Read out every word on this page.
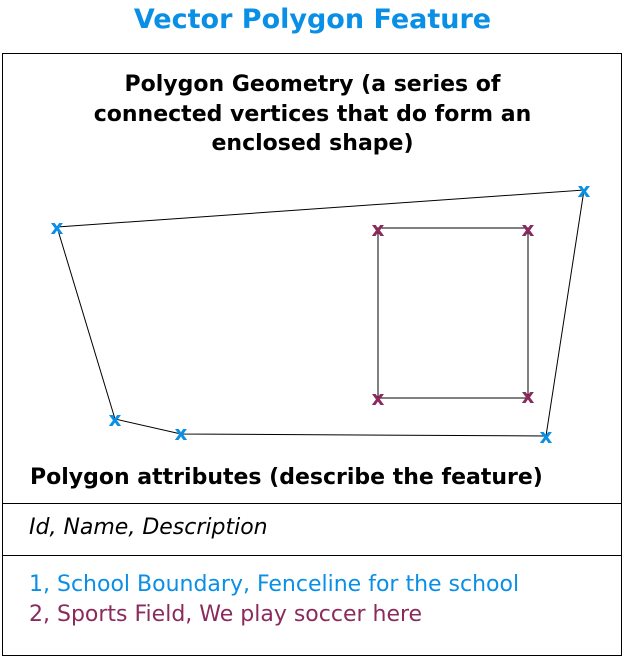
Vector Polygon Feature
Polygon Geometry (a series of
connected vertices that do form an
enclosed shape)
x
x
x
x
x
x	x
x
x
Polygon attributes (describe the feature)
Id, Name, Description
1, School Boundary, Fenceline for the school
2, Sports Field, We play soccer here
